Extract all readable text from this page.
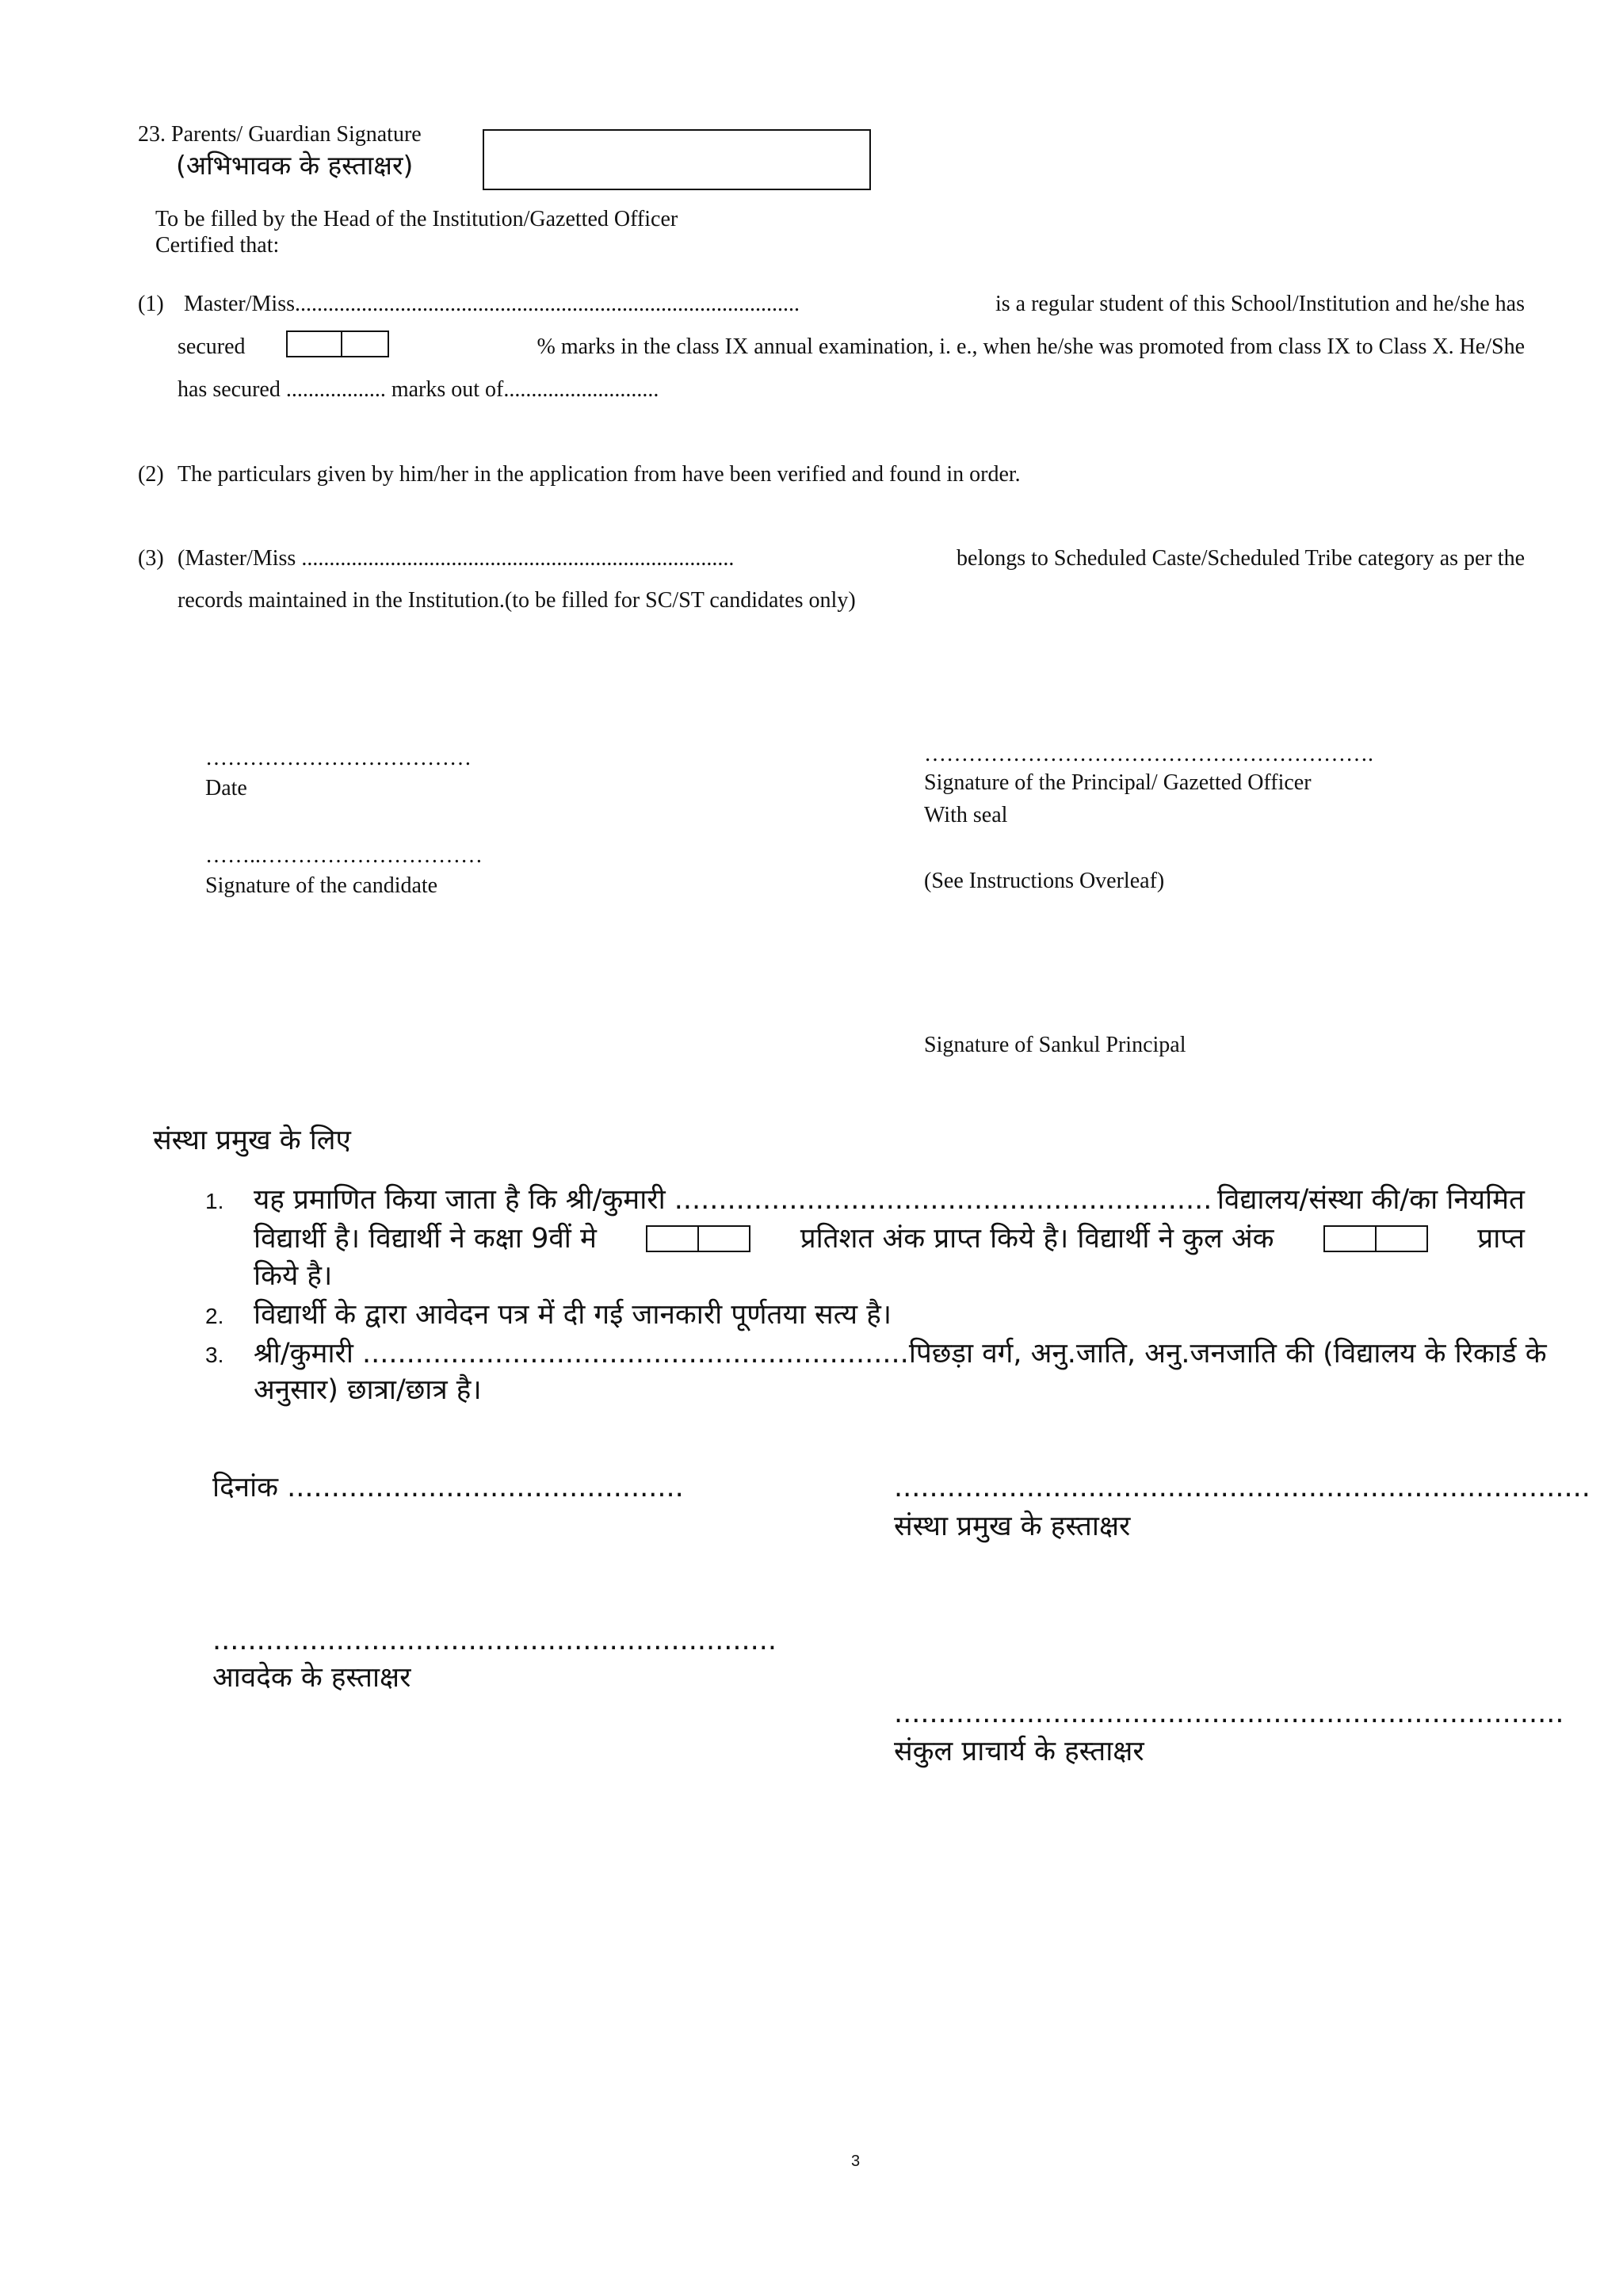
23. Parents/ Guardian Signature
(अभिभावक के हस्ताक्षर)
To be filled by the Head of the Institution/Gazetted Officer
Certified that:
(1) Master/Miss...........................................................................................	is a regular student of this School/Institution and he/she has
secured	% marks in the class IX annual examination, i. e., when he/she was promoted from class IX to Class X. He/She
has secured .................. marks out of............................
(2) The particulars given by him/her in the application from have been verified and found in order.
(3) (Master/Miss ..............................................................................	belongs to Scheduled Caste/Scheduled Tribe category as per the
records maintained in the Institution.(to be filled for SC/ST candidates only)
………………………………
Date
……..…………………………
Signature of the candidate
…………………………………………………….
Signature of the Principal/ Gazetted Officer
With seal
(See Instructions Overleaf)
Signature of Sankul Principal
संस्था प्रमुख के लिए
1. यह प्रमाणित किया जाता है कि श्री/कुमारी ............................................................. विद्यालय/संस्था की/का नियमित
विद्यार्थी है। विद्यार्थी ने कक्षा 9वीं मे	प्रतिशत अंक प्राप्त किये है। विद्यार्थी ने कुल अंक	प्राप्त
किये है।
2. विद्यार्थी के द्वारा आवेदन पत्र में दी गई जानकारी पूर्णतया सत्य है।
3. श्री/कुमारी .............................................................. पिछड़ा वर्ग, अनु.जाति, अनु.जनजाति की (विद्यालय के रिकार्ड के
अनुसार) छात्रा/छात्र है।
दिनांक .............................................	...............................................................................
संस्था प्रमुख के हस्ताक्षर
................................................................
आवदेक के हस्ताक्षर
............................................................................
संकुल प्राचार्य के हस्ताक्षर
3
